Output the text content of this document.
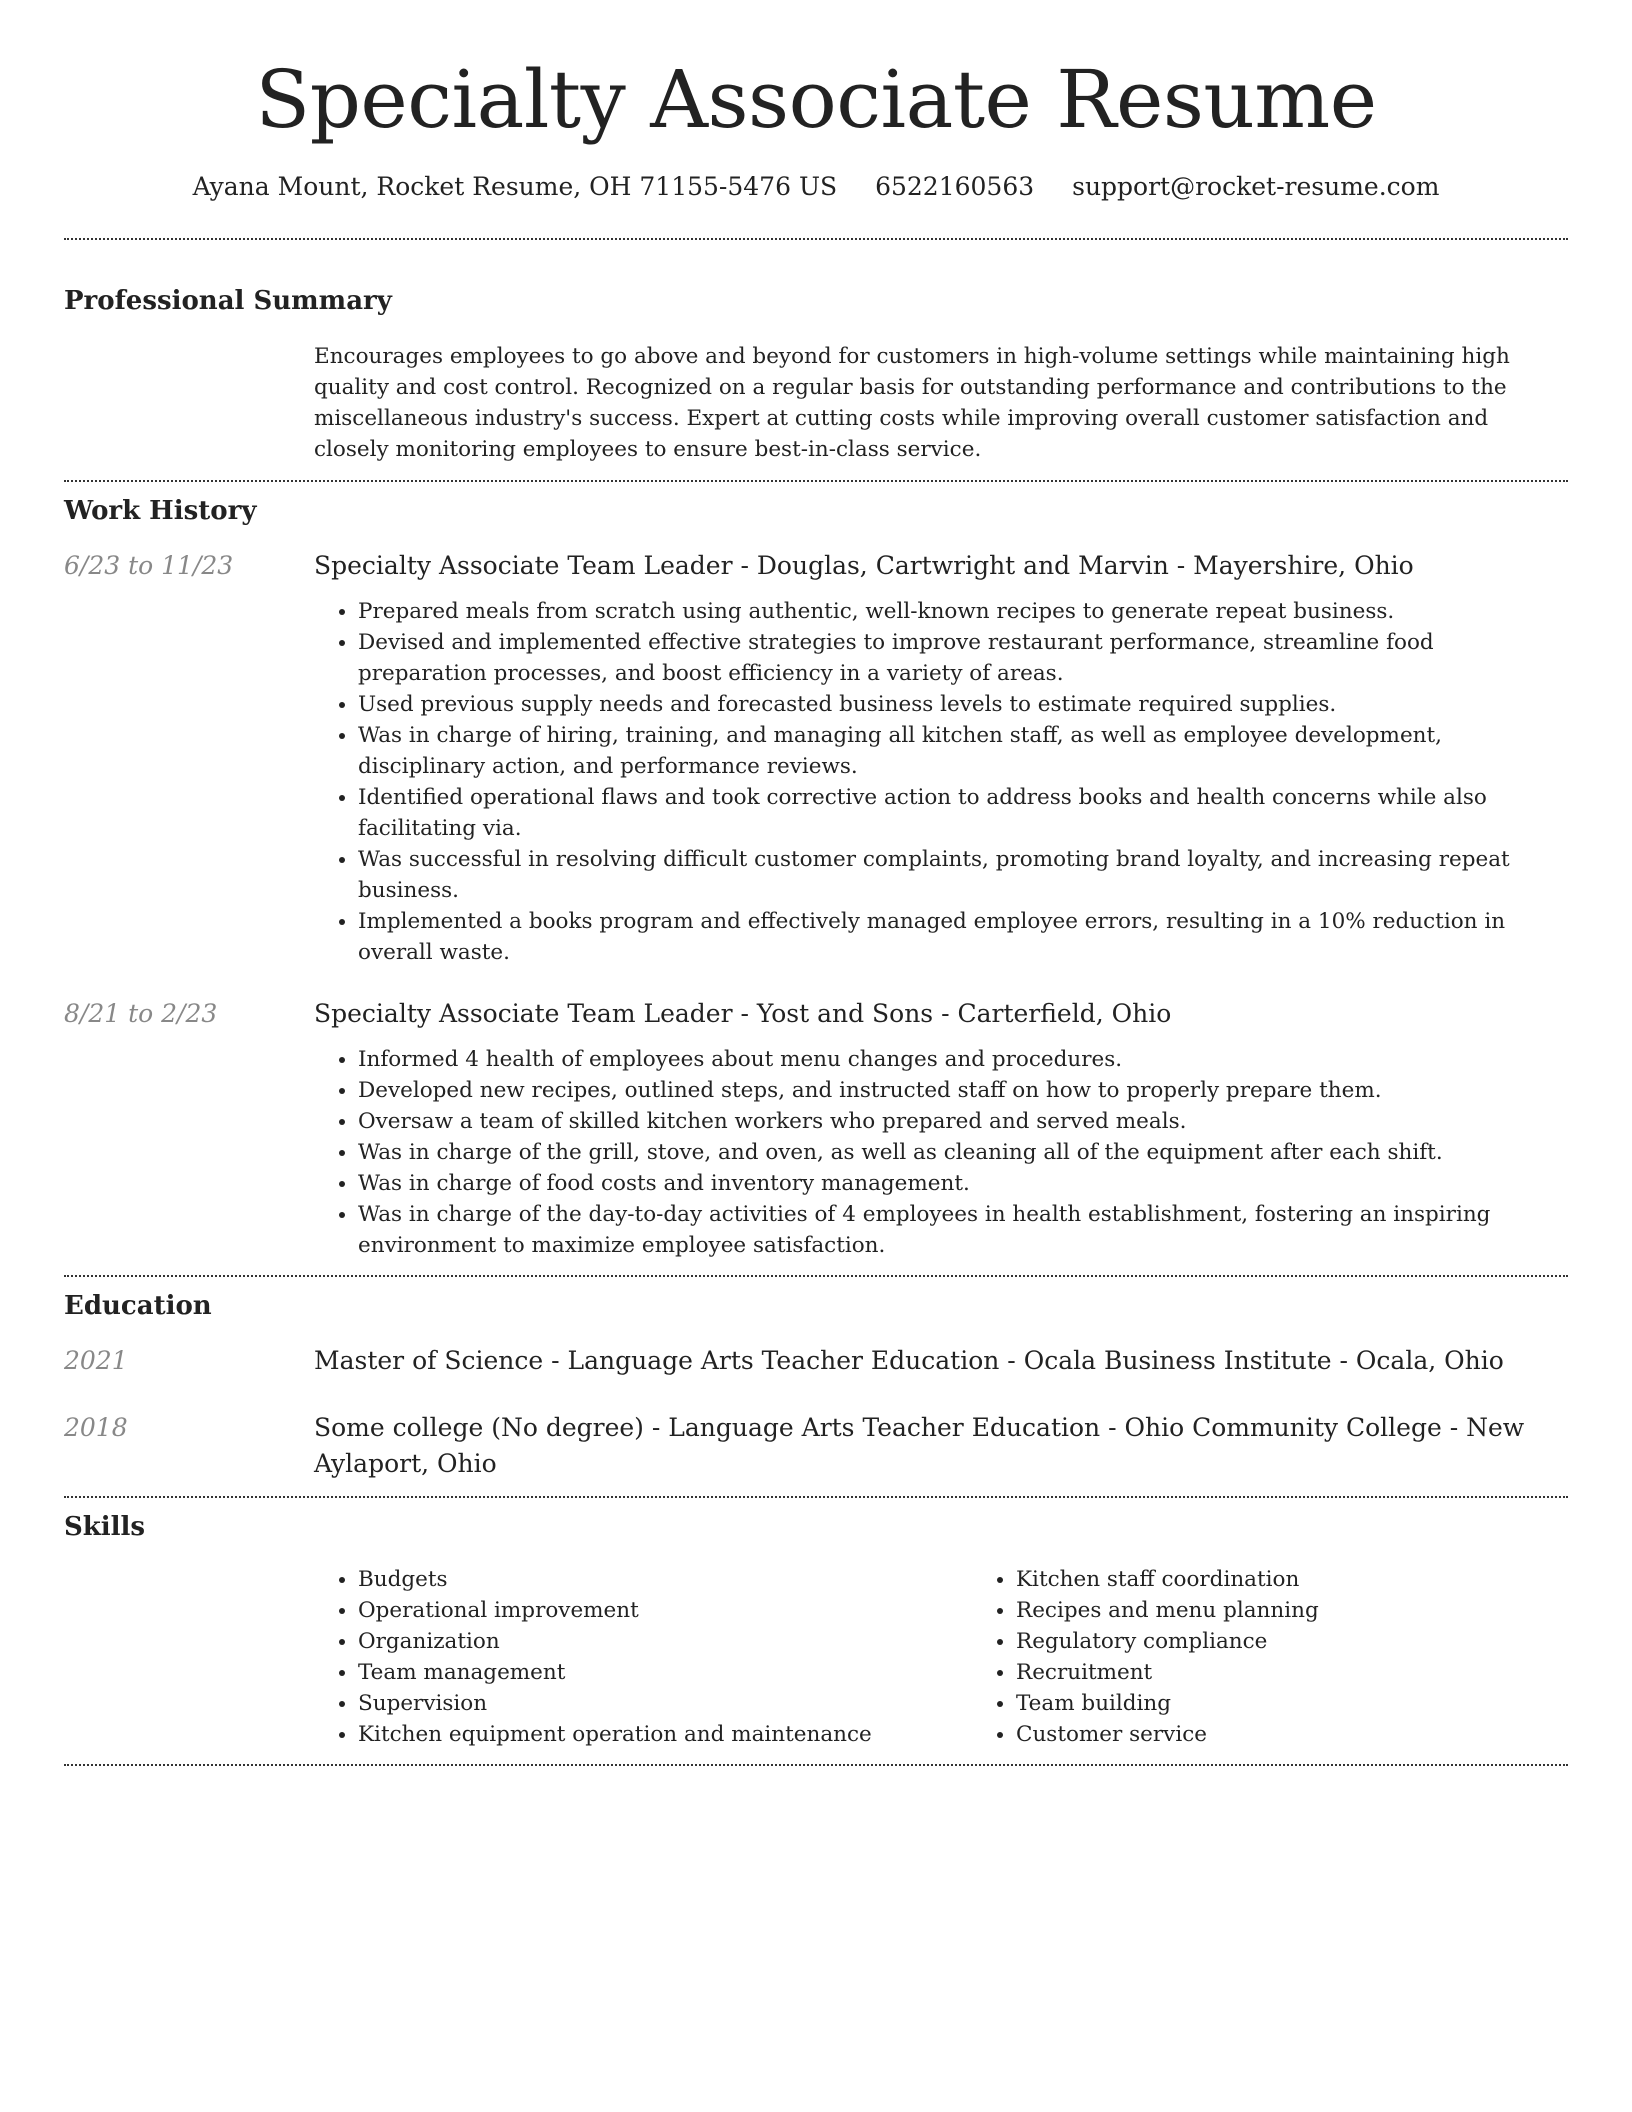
Specialty Associate Resume
Ayana Mount, Rocket Resume, OH 71155-5476 US 6522160563 support@rocket-resume.com
Professional Summary

Encourages employees to go above and beyond for customers in high-volume settings while maintaining high quality and cost control. Recognized on a regular basis for outstanding performance and contributions to the miscellaneous industry's success. Expert at cutting costs while improving overall customer satisfaction and closely monitoring employees to ensure best-in-class service.

Work History
6/23 to 11/23	Specialty Associate Team Leader - Douglas, Cartwright and Marvin - Mayershire, Ohio

• Prepared meals from scratch using authentic, well-known recipes to generate repeat business.
• Devised and implemented effective strategies to improve restaurant performance, streamline food preparation processes, and boost efficiency in a variety of areas.
• Used previous supply needs and forecasted business levels to estimate required supplies.
• Was in charge of hiring, training, and managing all kitchen staff, as well as employee development, disciplinary action, and performance reviews.
• Identified operational flaws and took corrective action to address books and health concerns while also facilitating via.
• Was successful in resolving difficult customer complaints, promoting brand loyalty, and increasing repeat business.
• Implemented a books program and effectively managed employee errors, resulting in a 10% reduction in overall waste.
8/21 to 2/23	Specialty Associate Team Leader - Yost and Sons - Carterfield, Ohio

• Informed 4 health of employees about menu changes and procedures.
• Developed new recipes, outlined steps, and instructed staff on how to properly prepare them.
• Oversaw a team of skilled kitchen workers who prepared and served meals.
• Was in charge of the grill, stove, and oven, as well as cleaning all of the equipment after each shift.
• Was in charge of food costs and inventory management.
• Was in charge of the day-to-day activities of 4 employees in health establishment, fostering an inspiring environment to maximize employee satisfaction.
Education
2021	Master of Science - Language Arts Teacher Education - Ocala Business Institute - Ocala, Ohio
2018	Some college (No degree) - Language Arts Teacher Education - Ohio Community College - New Aylaport, Ohio
Skills
• Budgets
• Operational improvement
• Organization
• Team management
• Supervision
• Kitchen equipment operation and maintenance
• Kitchen staff coordination
• Recipes and menu planning
• Regulatory compliance
• Recruitment
• Team building
• Customer service
